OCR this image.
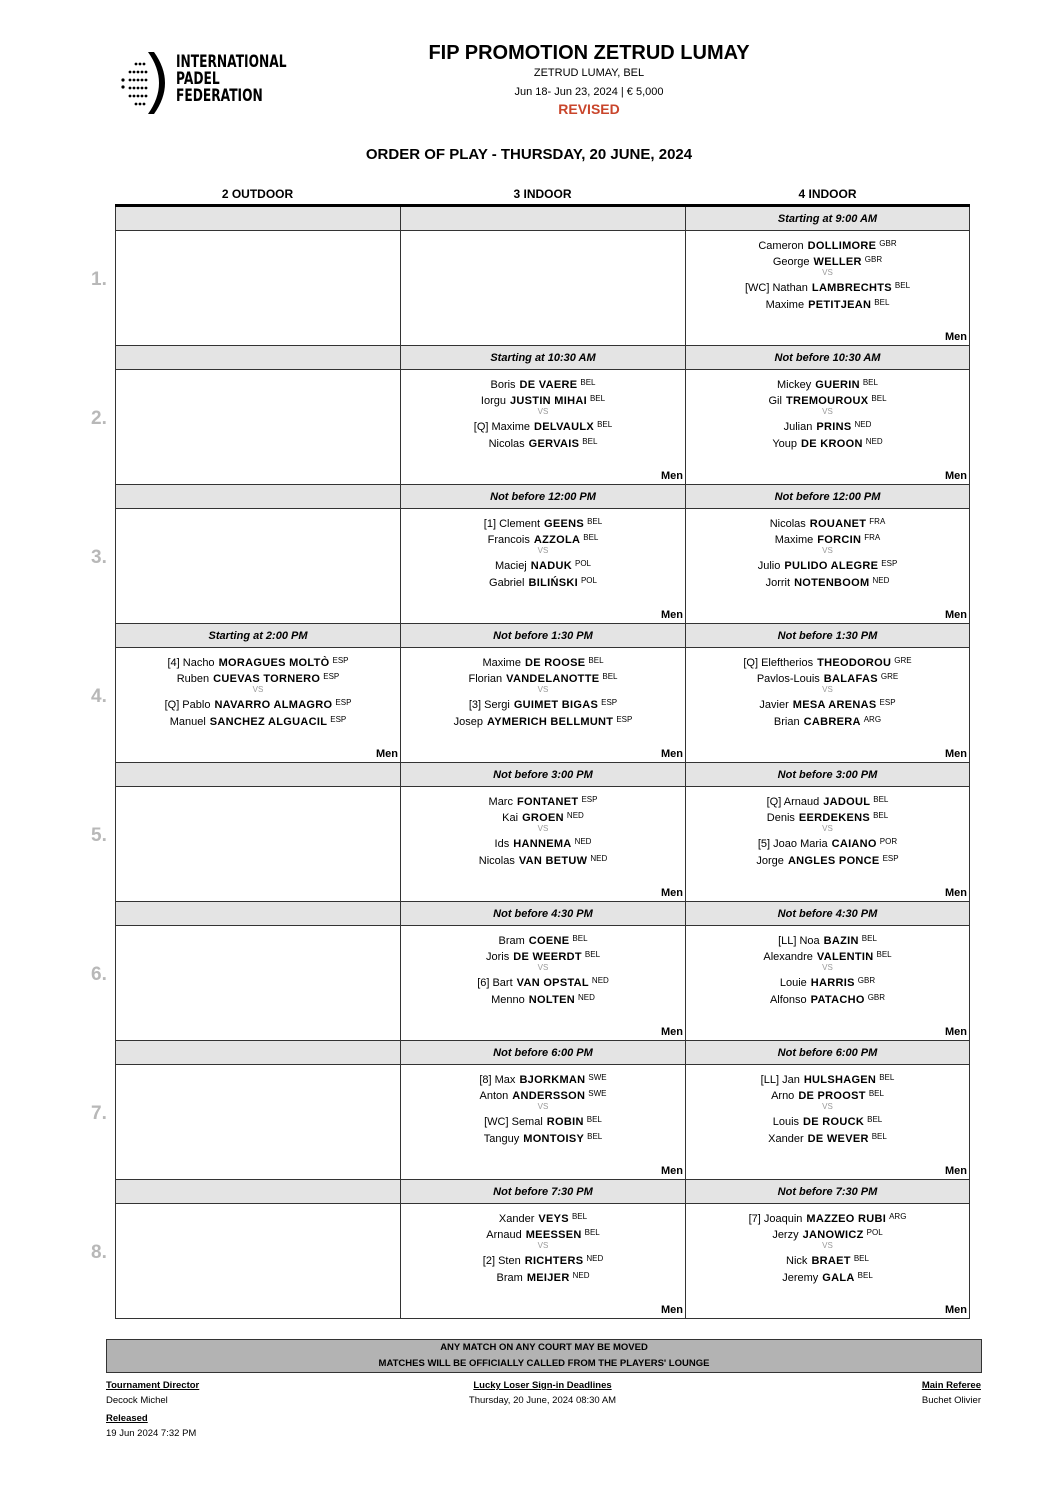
INTERNATIONAL
PADEL
FEDERATION
FIP PROMOTION ZETRUD LUMAY
ZETRUD LUMAY, BEL
Jun 18- Jun 23, 2024 | € 5,000
REVISED
ORDER OF PLAY - THURSDAY, 20 JUNE, 2024
2 OUTDOOR	3 INDOOR	4 INDOOR
1.
Starting at 9:00 AM
Cameron DOLLIMORE $^{GBR}$
George WELLER $^{GBR}$
[WC] Nathan LAMBRECHTS $^{BEL}$
Maxime PETITJEAN $^{BEL}$
VS
Men
2.
Starting at 10:30 AM
Boris DE VAERE $^{BEL}$
Iorgu JUSTIN MIHAI $^{BEL}$
[Q] Maxime DELVAULX $^{BEL}$
Nicolas GERVAIS $^{BEL}$
VS
Men
Not before 10:30 AM
Mickey GUERIN $^{BEL}$
Gil TREMOUROUX $^{BEL}$
Julian PRINS $^{NED}$
Youp DE KROON $^{NED}$
VS
Men
3.
Not before 12:00 PM
[1] Clement GEENS $^{BEL}$
Francois AZZOLA $^{BEL}$
Maciej NADUK $^{POL}$
Gabriel BILIŃSKI $^{POL}$
VS
Men
Not before 12:00 PM
Nicolas ROUANET $^{FRA}$
Maxime FORCIN $^{FRA}$
Julio PULIDO ALEGRE $^{ESP}$
Jorrit NOTENBOOM $^{NED}$
VS
Men
4.
Starting at 2:00 PM
[4] Nacho MORAGUES MOLTÒ $^{ESP}$
Ruben CUEVAS TORNERO $^{ESP}$
[Q] Pablo NAVARRO ALMAGRO $^{ESP}$
Manuel SANCHEZ ALGUACIL $^{ESP}$
VS
Men
Not before 1:30 PM
Maxime DE ROOSE $^{BEL}$
Florian VANDELANOTTE $^{BEL}$
[3] Sergi GUIMET BIGAS $^{ESP}$
Josep AYMERICH BELLMUNT $^{ESP}$
VS
Men
Not before 1:30 PM
[Q] Eleftherios THEODOROU $^{GRE}$
Pavlos-Louis BALAFAS $^{GRE}$
Javier MESA ARENAS $^{ESP}$
Brian CABRERA $^{ARG}$
VS
Men
5.
Not before 3:00 PM
Marc FONTANET $^{ESP}$
Kai GROEN $^{NED}$
Ids HANNEMA $^{NED}$
Nicolas VAN BETUW $^{NED}$
VS
Men
Not before 3:00 PM
[Q] Arnaud JADOUL $^{BEL}$
Denis EERDEKENS $^{BEL}$
[5] Joao Maria CAIANO $^{POR}$
Jorge ANGLES PONCE $^{ESP}$
VS
Men
6.
Not before 4:30 PM
Bram COENE $^{BEL}$
Joris DE WEERDT $^{BEL}$
[6] Bart VAN OPSTAL $^{NED}$
Menno NOLTEN $^{NED}$
VS
Men
Not before 4:30 PM
[LL] Noa BAZIN $^{BEL}$
Alexandre VALENTIN $^{BEL}$
Louie HARRIS $^{GBR}$
Alfonso PATACHO $^{GBR}$
VS
Men
7.
Not before 6:00 PM
[8] Max BJORKMAN $^{SWE}$
Anton ANDERSSON $^{SWE}$
[WC] Semal ROBIN $^{BEL}$
Tanguy MONTOISY $^{BEL}$
VS
Men
Not before 6:00 PM
[LL] Jan HULSHAGEN $^{BEL}$
Arno DE PROOST $^{BEL}$
Louis DE ROUCK $^{BEL}$
Xander DE WEVER $^{BEL}$
VS
Men
8.
Not before 7:30 PM
Xander VEYS $^{BEL}$
Arnaud MEESSEN $^{BEL}$
[2] Sten RICHTERS $^{NED}$
Bram MEIJER $^{NED}$
VS
Men
Not before 7:30 PM
[7] Joaquin MAZZEO RUBI $^{ARG}$
Jerzy JANOWICZ $^{POL}$
Nick BRAET $^{BEL}$
Jeremy GALA $^{BEL}$
VS
Men
ANY MATCH ON ANY COURT MAY BE MOVED
MATCHES WILL BE OFFICIALLY CALLED FROM THE PLAYERS' LOUNGE
Tournament Director
Decock Michel
Released
19 Jun 2024 7:32 PM
Lucky Loser Sign-in Deadlines
Thursday, 20 June, 2024 08:30 AM
Main Referee
Buchet Olivier
